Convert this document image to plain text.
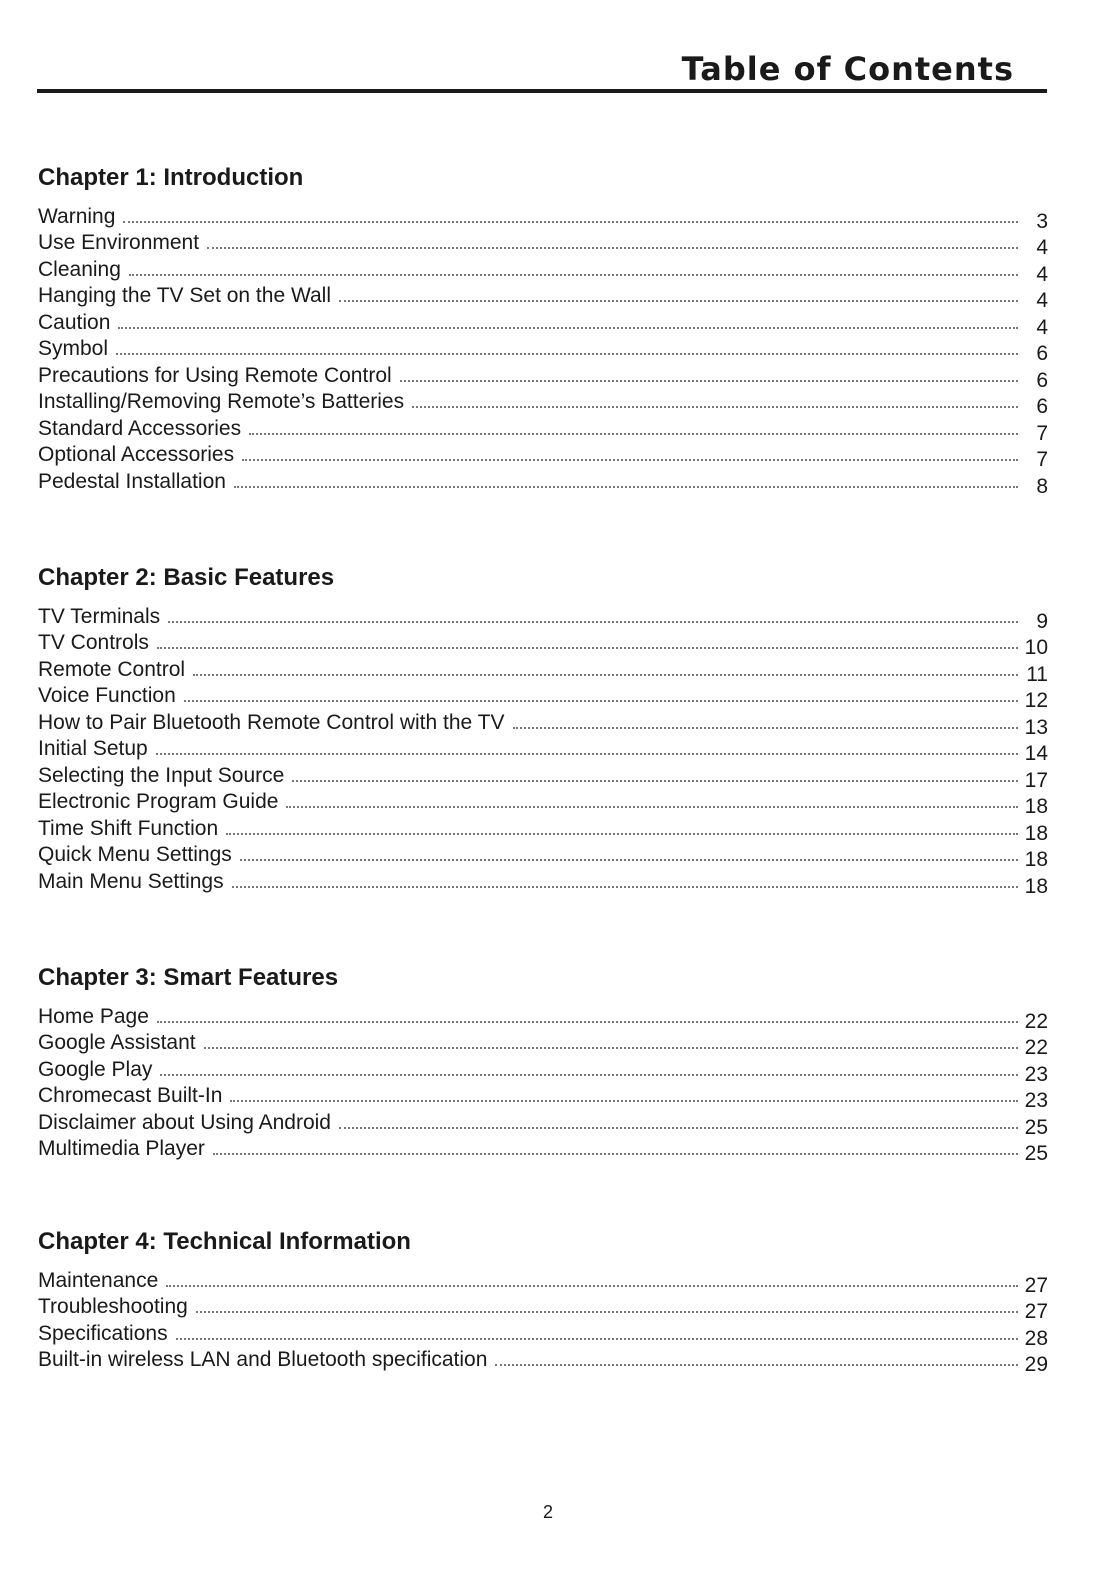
Table of Contents
Chapter 1: Introduction
Warning	3
Use Environment	4
Cleaning	4
Hanging the TV Set on the Wall	4
Caution	4
Symbol	6
Precautions for Using Remote Control	6
Installing/Removing Remote’s Batteries	6
Standard Accessories	7
Optional Accessories	7
Pedestal Installation	8
Chapter 2: Basic Features
TV Terminals	9
TV Controls	10
Remote Control	11
Voice Function	12
How to Pair Bluetooth Remote Control with the TV	13
Initial Setup	14
Selecting the Input Source	17
Electronic Program Guide	18
Time Shift Function	18
Quick Menu Settings	18
Main Menu Settings	18
Chapter 3: Smart Features
Home Page	22
Google Assistant	22
Google Play	23
Chromecast Built-In	23
Disclaimer about Using Android	25
Multimedia Player	25
Chapter 4: Technical Information
Maintenance	27
Troubleshooting	27
Specifications	28
Built-in wireless LAN and Bluetooth specification	29
2
